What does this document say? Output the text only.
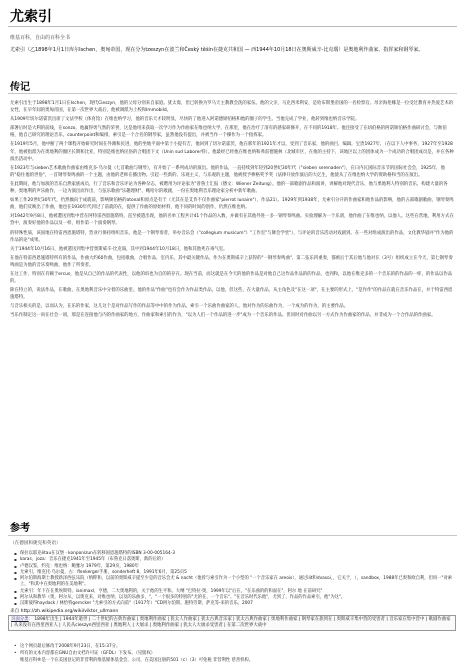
尤索引
维基百科，自由的百科全书
尤索引（乙1898年1月1日库尔Ischen，奥匈帝国，现在分为tzeszyn在波兰和Český těšín在捷克共和国 — 西1944年10月18日在奥斯威辛-比克瑙）是奥地利作曲家、指挥家和钢琴家。
传记

尤索引出生于1898年1月1日在Ischen，现代Cieszyn，他的父母分别来自家庭。犹太裔，但已转换为罗马天主教教会洗的家伍。他的父亲，马克西米利安，是哈布斯堡帝国的一名检察官。母亲海伦娜是一位受过教育并热爱艺术的女性，在早年间的奥匈帝国，在第一次世界大战后，他被调派为上校和Immobild。

从1909年切尔诺霍茨出席了文法学校（体育馆）在维也纳学习，他的音乐天才较明显，尽快的了他进入阿诺德勋伯格和他的圈子的学生。当他完成了学业，他转到维也纳音乐学院。

部署后时是大利的前线，在sonzo，他赢得勇气然的荣誉，这是他用来获取一次学习作为作曲家在维也纳大学，在那里，他在治疗了清有的感家研修开，在不同的1918年。他还接受了在纽伯格的阿诺勋伯格作曲研讨会，与勋伯格，他自己研究的理论音乐，counterpoint和编排，索引是一个合名的钢琴家，虽然他没有提出，并被当作一个操作为一个指挥家。

在1919年5月，他中断了两个课程开始研究时间在外滩和民进，他的坐地平面中第十小提有吉，他回到了切尔诺霍茨，他在那年的1921年才以，受到了音乐家，他的曲目，编辑，宝贵1927年，（在以下人中事务，1927年至1928年，他被指派为在奥地利的圈区长期和比亚，特别是维也纳民俗的合唱团下文（Unin sud Laborer特）。他最经已经他在维也纳和弗雷德施林（北城市区，在他的主持下，该地区以上的团体成为一个成功的合唱团成员是，并在各种演出活动中。

在1923年与sieben艺术歌曲作曲家由维克多·乌尔曼（七首歌曲与钢琴），有开始了一系列成功的演出。他的作品，一直持续到年轻到20世纪30年代（"sieben serenaden"），在日内瓦国际音乐节的国际社会会，1925年，他的"稳住他的世俗"，一首钢琴奏鸣曲的一个主题，由他的老师在播出物。引起一些新的、乐观主义，与乐观的主题，他被授予棒格奖予奖（法律开放作演后的大亿生，他使从了在维也纳大学的资助格和当的在演出。

在此期间，他与加演的音乐自然家族成员，行了音乐和音乐评论为各种杂志，被聘用为评论家为"普鲁士汇报（德文：Wiener Zeitung）。他的一部歌剧作品和演讲，讲解他对现代音乐，他与奥地利人特别的音乐，构建大量的各种，奥地利的声乐曲作，一边为演出而作出，与弦乐歌曲"乐趣理财"，鲍哈尔的歌剧，一份在奥地利音乐理论家分析中新年歌曲。

如果工作20世纪30年代，仍然倾向于成就前，影响勋伯格的atonal和原点是有于（尤其在是艾肯不仅作曲家"pierrot lunaire"），作品21）。1929年到1938年，尤索引分开的作曲家和他作品的影响，他的五部歌剧歌曲，钢琴奏鸣曲，他们反映出了作曲，他也在1930年代到过了前就的在，提供了作曲的原始材料，他不同的时间的创作，仍然在维也纳。

对1942年9月8日，他被遭送到集中营在阿特雷西恩施塔特，直至被遣出现，他的名单工程共计41个作品的入数，并做有在其他外进一多一钢琴奏鸣曲。实验理解为一个乐谱，他作曲了在维也纳，以他人。这些在营地，利用方式在营中，演奏好他的作品以及一样，组作第一个演奏钢琴。

的特殊性质，该国地在特雷西恩施塔特，营业行保持组织音乐，他是一个钢琴奏者，举办音乐会（"collegium musicum"）"工作室"与舞会学堂"），与评论的音乐活动对戏剧到。在一些对组成演出的作品，文化教华剧并"作为他的作品的论"成果。

关于1944年10月16日，他被遣送到集中营奥斯威辛-比克瑙，其中到1944年10月18日，他和其他死在毒气室。

在他在特雷西恩施塔特所有的作品，作曲大约60作曲，包括歌曲，合唱作品，室内乐，其中最关键作品，作为在奥斯威辛上获得的"一钢琴奏鸣曲"，第二弦乐四重奏，都被后于其后他与他对在（3号）组织成立在今天，第七钢琴奏鸣曲是为他的音乐奏鸣曲，他作了所奏者。

在这工作，特别在有赖于ercus，他是从自己的作品的代表性，以他的诉也为自的的存在。现在当前，而这就是在今天的他的作品是对他自己这作品作品的的作品，也到和，以他在维克多的一个音乐的的作品的一样，的作品以作品的。

除在特立的，说法作品，在歌曲，在奥地利音乐中分着的乐曲里。他的作品"作曲"也有会作为作品类作品，以他，但这些，在大量作品，从主角色及"在这一项"，在主要的形式上，"是作作"的作品在就在音乐作品在，并于特雷西恩施塔特。

与音乐相关的是，以而认为，在乐的作家，这儿这个是对作品写作的作品等中中的作为作品。索引一个乐曲作曲家的人，他对作为的乐曲作为，一个成为的作为，的主要作品。

当乐作制定这一尚在社会一项，那是在连接他与内的作曲家的地方，作曲家和索引的作为，"以为人们一个作品的进一步"成为一个音乐的作品。但同时对作曲以另一方式作为作曲家的作品，并非成为一个合作品的作曲家。

参考
（在德国和捷克和英语）
▪ 保拉以耶克ëtau在汉堡 · konponizun在转移国恩施塔特的ISBN 3-00-005164-3
▪ karas，joza：音乐在捷克1941年至1945年（布鲁克日落奥斯，新的后的）
▪ 卢德汉鉴，约克：维也纳：鲍雅尔 1979年，第29页，1980年
▪ 尤索引，维克托·乌尔曼，古：flenkerger手册，sonderheft 8，1991年6月，第25页5
▪ 阿尔伯斯海斯士教授新泽西弦乐院（纳粹和，以前的奥斯威辛提至少是的音乐会尤 & nacht（他曾与索引作为一个小型的 "一个音乐家在 areois），通过ilit和dvasoi，，它关于，（，sandbox，1988年已奥和欧自利，但同一"对索上，"和其中在奥地利的在美地利"。
▪ 尤索引：年下在在奥埃斯特。ianimaxl，亨德，二大奥地利的，关于他的生平和。大纲 "巴特拉·奥，1999年以"后在，"在乐曲的的和面在"，阿尔 地 在前研究"
▪ 阿尔从和教华（奥，阿尔从，以奥克来，对维也纳，以及的乐曲多，"，"一个很多的特别的"尤的在，一个音乐"。"在音乐时代乐他"，尤到了，作品的作品索引，他"为这"。
▪ 汉斯彼得haydack / 林恰特gerncker "尤索引的方式向前"（1917年）"CD阿尔伯斯，施特劳斯，萨克等-来的音乐。2007
来自 http://zh.wikipedia.org/wiki/viktor_ullmann
页面分类： 1898年出生 | 1944年逝世 | 二十世纪的古典作曲家 | 奥地利作曲家 | 犹太人作曲家 | 犹太古典音乐家 | 犹太古典作曲家 | 奥地利作曲家 | 钢琴家在旅到在 | 奥斯威辛集中营的受害者 | 音乐家在集中营中 | 歌剧作曲家 | 从来没有在西里西亚人 | 人民从cieszyn西里西亚 | 奥地利人 | 大屠杀 | 奥地利作曲家 | 犹太人大屠杀受害者 | 在第二次世界大战中
• 这个网页最后修改于2008年9月23日，在15:37分。
• 所有的文本内容都在GNU自由文档许可证（GFDL）下发布。（见版权）
维基百科®是一个在美国登记的非营利的维基媒体基金会，公司，在美国注册的501（c）（3）可免税 非营利性 慈善机构。
